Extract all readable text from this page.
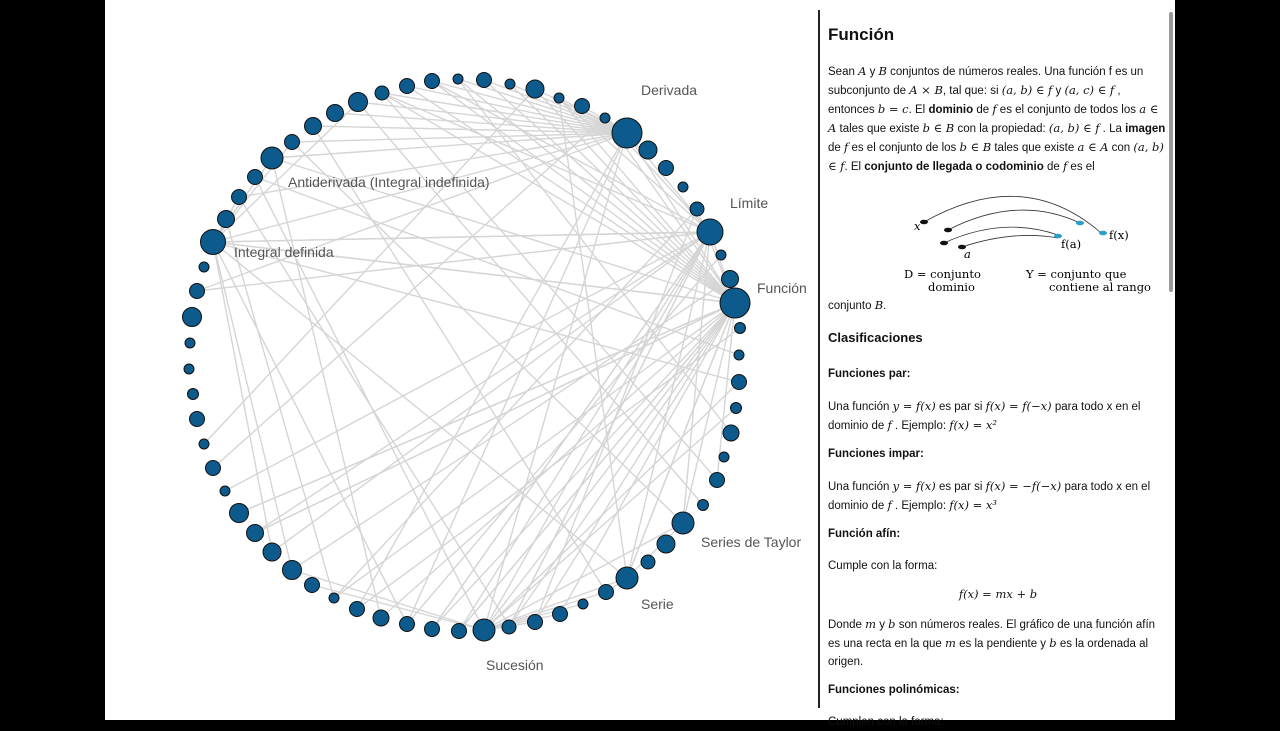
Derivada
Antiderivada (Integral indefinida)
Límite
Integral definida
Función
Series de Taylor
Serie
Sucesión
Función

Sean A y B conjuntos de números reales. Una función f es un subconjunto de A × B, tal que: si (a, b) ∈ f y (a, c) ∈ f , entonces b = c. El dominio de f es el conjunto de todos los a ∈ A tales que existe b ∈ B con la propiedad: (a, b) ∈ f . La imagen de f es el conjunto de los b ∈ B tales que existe a ∈ A con (a, b) ∈ f. El conjunto de llegada o codominio de f es el

x
a
f(a)
f(x)
D = conjunto
dominio
Y = conjunto que
contiene al rango

conjunto B.

Clasificaciones
Funciones par:

Una función y = f(x) es par si f(x) = f(−x) para todo x en el dominio de f . Ejemplo: f(x) = x²

Funciones impar:

Una función y = f(x) es par si f(x) = −f(−x) para todo x en el dominio de f . Ejemplo: f(x) = x³

Función afín:

Cumple con la forma:

f(x) = mx + b

Donde m y b son números reales. El gráfico de una función afín es una recta en la que m es la pendiente y b es la ordenada al origen.

Funciones polinómicas:

Cumplen con la forma:
